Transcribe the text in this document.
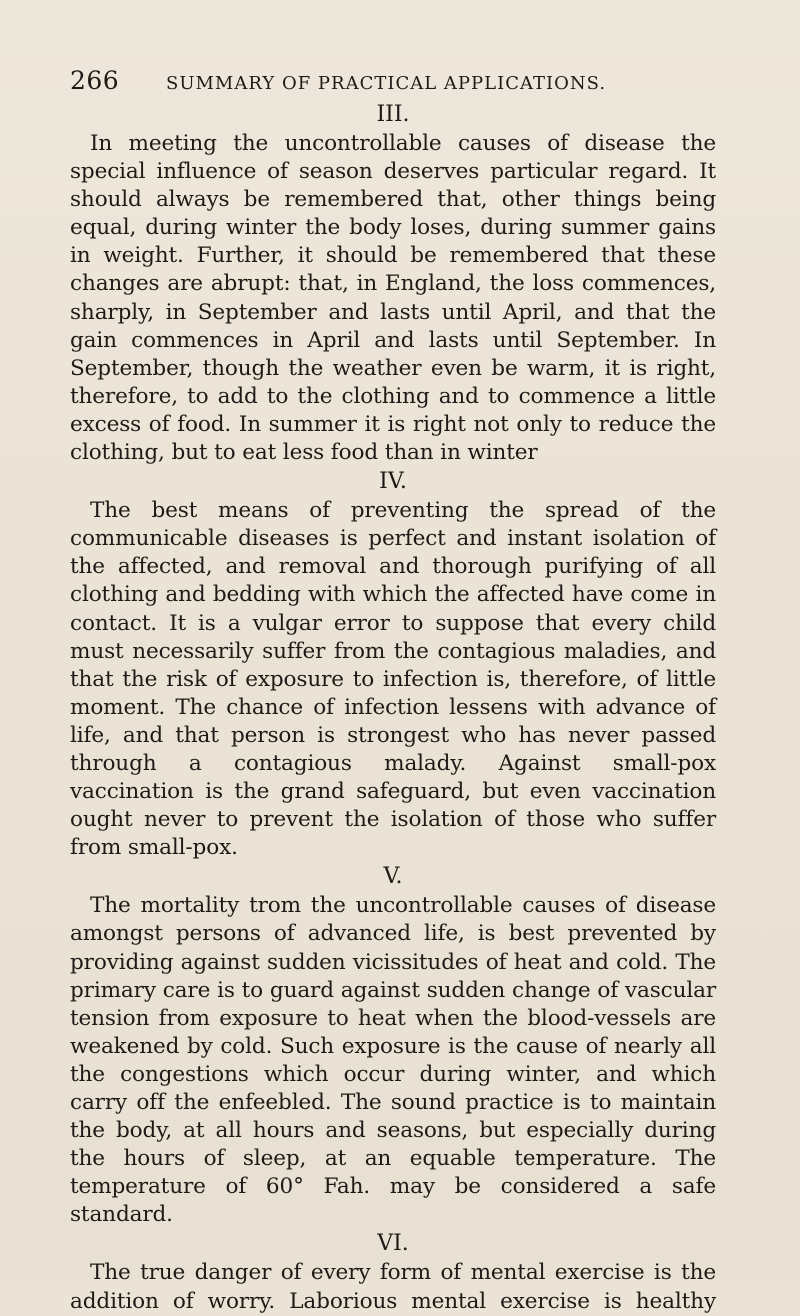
266	SUMMARY OF PRACTICAL APPLICATIONS.

III.

In meeting the uncontrollable causes of disease the special influence of season deserves particular regard. It should always be remembered that, other things being equal, during winter the body loses, during summer gains in weight. Further, it should be remembered that these changes are abrupt: that, in England, the loss commences, sharply, in September and lasts until April, and that the gain commences in April and lasts until September. In September, though the weather even be warm, it is right, therefore, to add to the clothing and to commence a little excess of food. In summer it is right not only to reduce the clothing, but to eat less food than in winter

IV.

The best means of preventing the spread of the communicable diseases is perfect and instant isolation of the affected, and removal and thorough purifying of all clothing and bedding with which the affected have come in contact. It is a vulgar error to suppose that every child must necessarily suffer from the contagious maladies, and that the risk of exposure to infection is, therefore, of little moment. The chance of infection lessens with advance of life, and that person is strongest who has never passed through a contagious malady. Against small-pox vaccination is the grand safeguard, but even vaccination ought never to prevent the isolation of those who suffer from small-pox.

V.

The mortality trom the uncontrollable causes of disease amongst persons of advanced life, is best prevented by providing against sudden vicissitudes of heat and cold. The primary care is to guard against sudden change of vascular tension from exposure to heat when the blood-vessels are weakened by cold. Such exposure is the cause of nearly all the congestions which occur during winter, and which carry off the enfeebled. The sound practice is to maintain the body, at all hours and seasons, but especially during the hours of sleep, at an equable temperature. The temperature of 60° Fah. may be considered a safe standard.

VI.

The true danger of every form of mental exercise is the addition of worry. Laborious mental exercise is healthy
